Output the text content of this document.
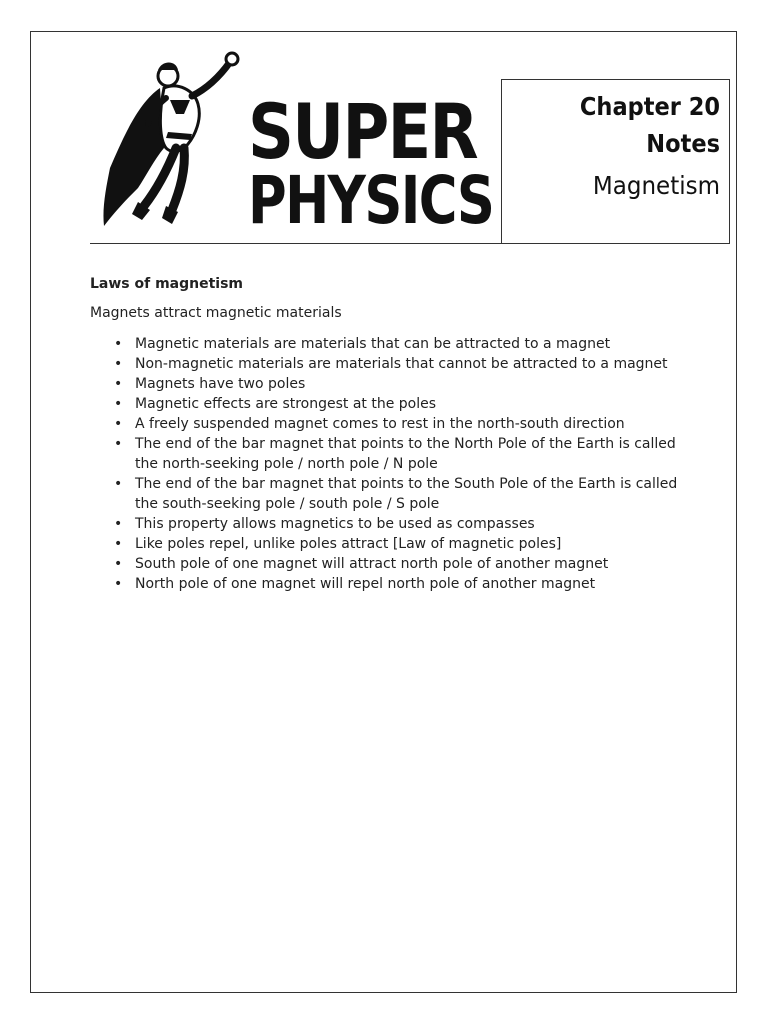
SUPER
PHYSICS
Chapter 20
Notes
Magnetism
Laws of magnetism

Magnets attract magnetic materials

• Magnetic materials are materials that can be attracted to a magnet
• Non-magnetic materials are materials that cannot be attracted to a magnet
• Magnets have two poles
• Magnetic effects are strongest at the poles
• A freely suspended magnet comes to rest in the north-south direction
• The end of the bar magnet that points to the North Pole of the Earth is called the north-seeking pole / north pole / N pole
• The end of the bar magnet that points to the South Pole of the Earth is called the south-seeking pole / south pole / S pole
• This property allows magnetics to be used as compasses
• Like poles repel, unlike poles attract [Law of magnetic poles]
• South pole of one magnet will attract north pole of another magnet
• North pole of one magnet will repel north pole of another magnet
